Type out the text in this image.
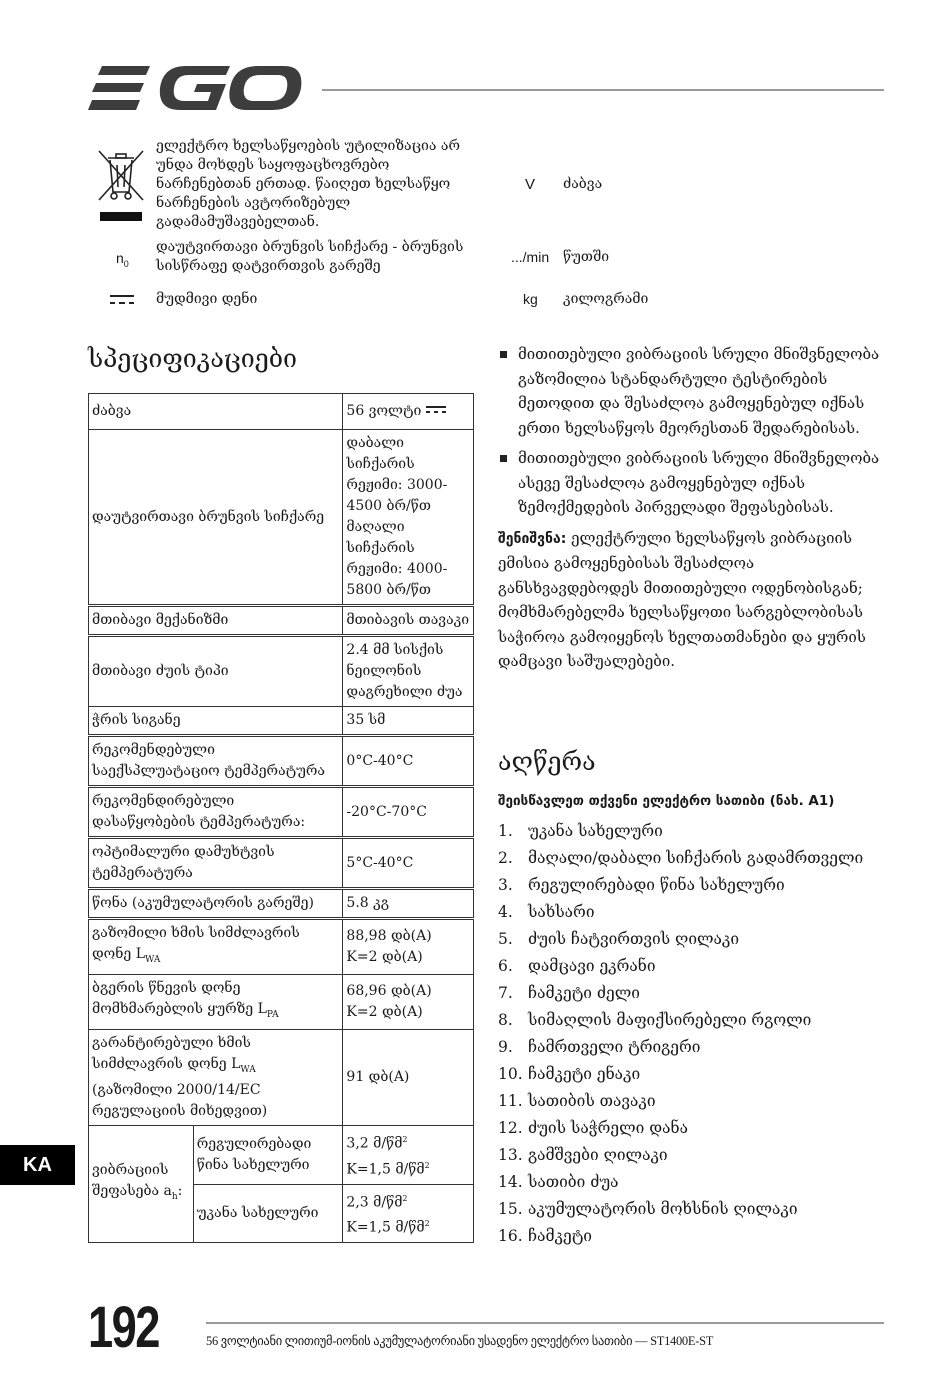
ელექტრო ხელსაწყოების უტილიზაცია არ უნდა მოხდეს საყოფაცხოვრებო ნარჩენებთან ერთად. წაიღეთ ხელსაწყო ნარჩენების ავტორიზებულ გადამამუშავებელთან.
$n_0$
დაუტვირთავი ბრუნვის სიჩქარე - ბრუნვის სისწრაფე დატვირთვის გარეშე
მუდმივი დენი
V ძაბვა
.../min წუთში
kg კილოგრამი
სპეციფიკაციები
ძაბვა		56 ვოლტი
დაუტვირთავი ბრუნვის სიჩქარე		დაბალი სიჩქარის რეჟიმი: 3000-4500 ბრ/წთ მაღალი სიჩქარის რეჟიმი: 4000-5800 ბრ/წთ
მთიბავი მექანიზმი		მთიბავის თავაკი
მთიბავი ძუის ტიპი		2.4 მმ სისქის ნეილონის დაგრეხილი ძუა
ჭრის სიგანე		35 სმ
რეკომენდებული საექსპლუატაციო ტემპერატურა		0°C-40°C
რეკომენდირებული დასაწყობების ტემპერატურა:		-20°C-70°C
ოპტიმალური დამუხტვის ტემპერატურა		5°C-40°C
წონა (აკუმულატორის გარეშე)		5.8 კგ
გაზომილი ხმის სიმძლავრის დონე $L_{WA}$		88,98 დბ(A)
K=2 დბ(A)
ბგერის წნევის დონე მომხმარებლის ყურზე $L_{PA}$		68,96 დბ(A)
K=2 დბ(A)
გარანტირებული ხმის სიმძლავრის დონე $L_{WA}$ (გაზომილი 2000/14/EC რეგულაციის მიხედვით)		91 დბ(A)
ვიბრაციის შეფასება $a_h$:	რეგულირებადი წინა სახელური	3,2 მ/წმ$^2$
K=1,5 მ/წმ$^2$
	უკანა სახელური	2,3 მ/წმ$^2$
K=1,5 მ/წმ$^2$
მითითებული ვიბრაციის სრული მნიშვნელობა გაზომილია სტანდარტული ტესტირების მეთოდით და შესაძლოა გამოყენებულ იქნას ერთი ხელსაწყოს მეორესთან შედარებისას.
მითითებული ვიბრაციის სრული მნიშვნელობა ასევე შესაძლოა გამოყენებულ იქნას ზემოქმედების პირველადი შეფასებისას.
შენიშვნა: ელექტრული ხელსაწყოს ვიბრაციის ემისია გამოყენებისას შესაძლოა განსხვავდებოდეს მითითებული ოდენობისგან; მომხმარებელმა ხელსაწყოთი სარგებლობისას საჭიროა გამოიყენოს ხელთათმანები და ყურის დამცავი საშუალებები.
აღწერა
შეისწავლეთ თქვენი ელექტრო სათიბი (ნახ. A1)
1. უკანა სახელური
2. მაღალი/დაბალი სიჩქარის გადამრთველი
3. რეგულირებადი წინა სახელური
4. სახსარი
5. ძუის ჩატვირთვის ღილაკი
6. დამცავი ეკრანი
7. ჩამკეტი ძელი
8. სიმაღლის მაფიქსირებელი რგოლი
9. ჩამრთველი ტრიგერი
10. ჩამკეტი ენაკი
11. სათიბის თავაკი
12. ძუის საჭრელი დანა
13. გამშვები ღილაკი
14. სათიბი ძუა
15. აკუმულატორის მოხსნის ღილაკი
16. ჩამკეტი
KA
192	56 ვოლტიანი ლითიუმ-იონის აკუმულატორიანი უსადენო ელექტრო სათიბი — ST1400E-ST
